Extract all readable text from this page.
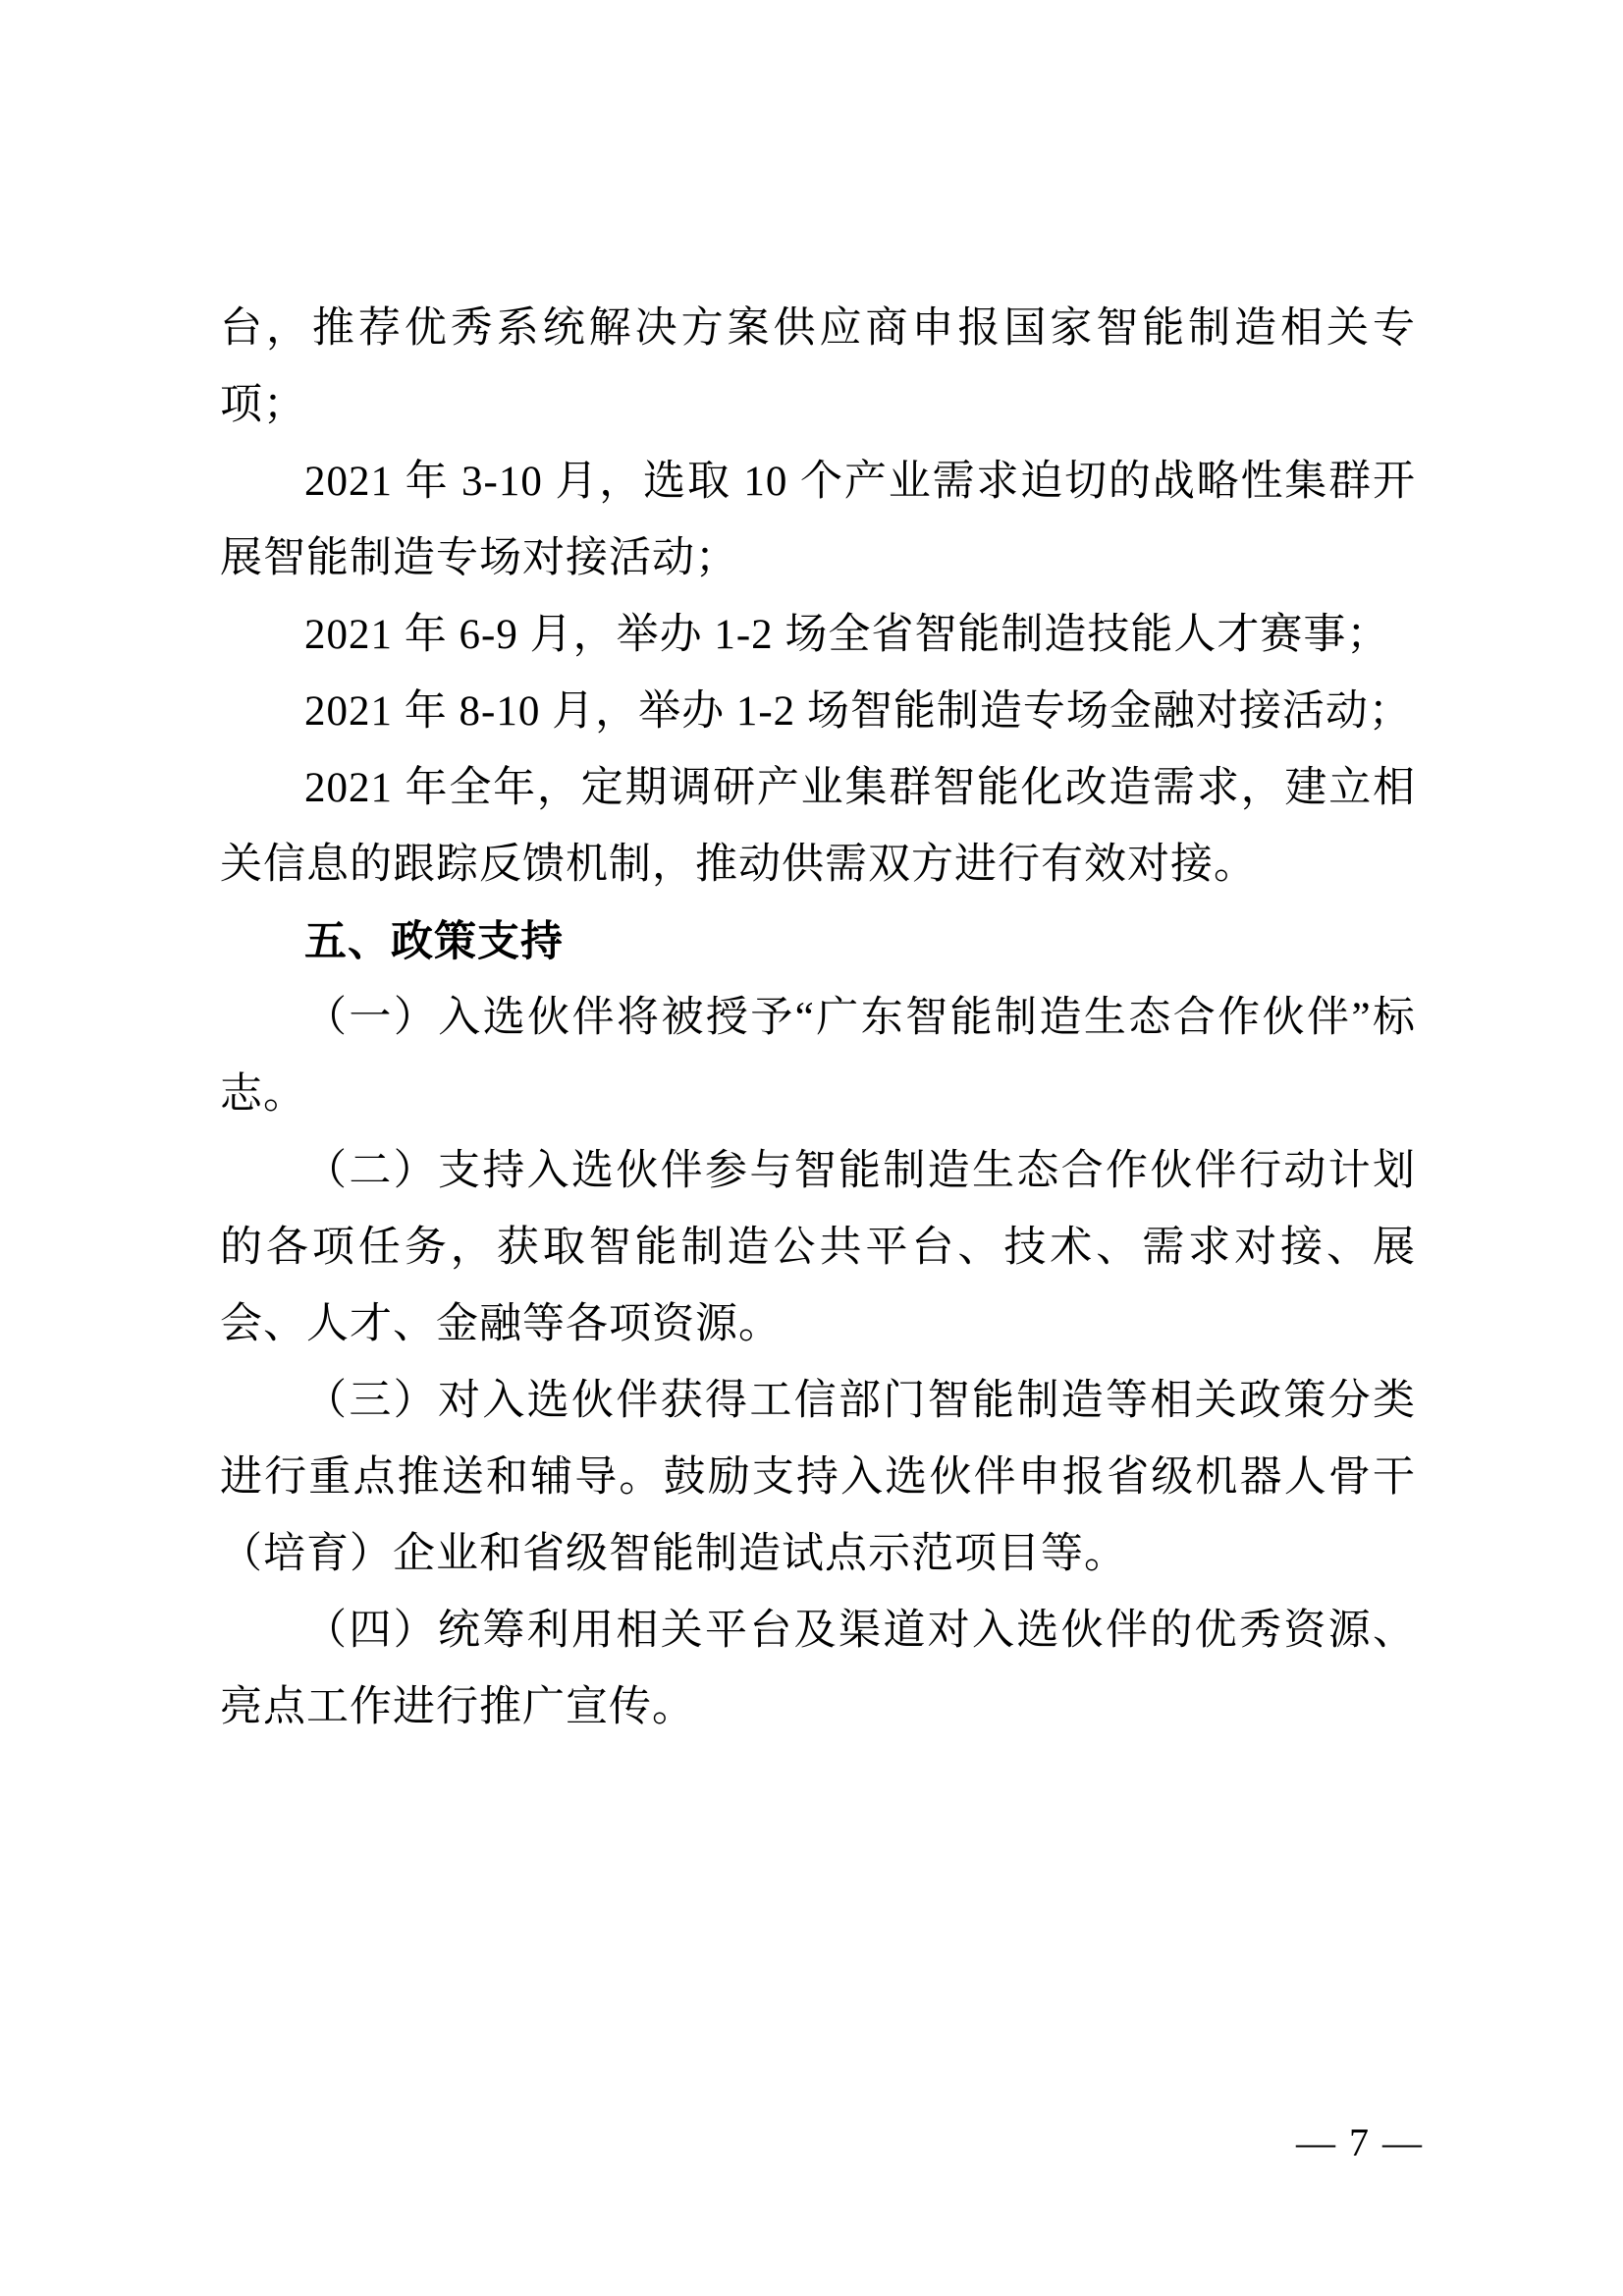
台，推荐优秀系统解决方案供应商申报国家智能制造相关专项；

2021 年 3-10 月，选取 10 个产业需求迫切的战略性集群开展智能制造专场对接活动；

2021 年 6-9 月，举办 1-2 场全省智能制造技能人才赛事；

2021 年 8-10 月，举办 1-2 场智能制造专场金融对接活动；

2021 年全年，定期调研产业集群智能化改造需求，建立相关信息的跟踪反馈机制，推动供需双方进行有效对接。

五、政策支持

（一）入选伙伴将被授予“广东智能制造生态合作伙伴”标志。

（二）支持入选伙伴参与智能制造生态合作伙伴行动计划的各项任务，获取智能制造公共平台、技术、需求对接、展会、人才、金融等各项资源。

（三）对入选伙伴获得工信部门智能制造等相关政策分类进行重点推送和辅导。鼓励支持入选伙伴申报省级机器人骨干（培育）企业和省级智能制造试点示范项目等。

（四）统筹利用相关平台及渠道对入选伙伴的优秀资源、亮点工作进行推广宣传。

— 7 —
